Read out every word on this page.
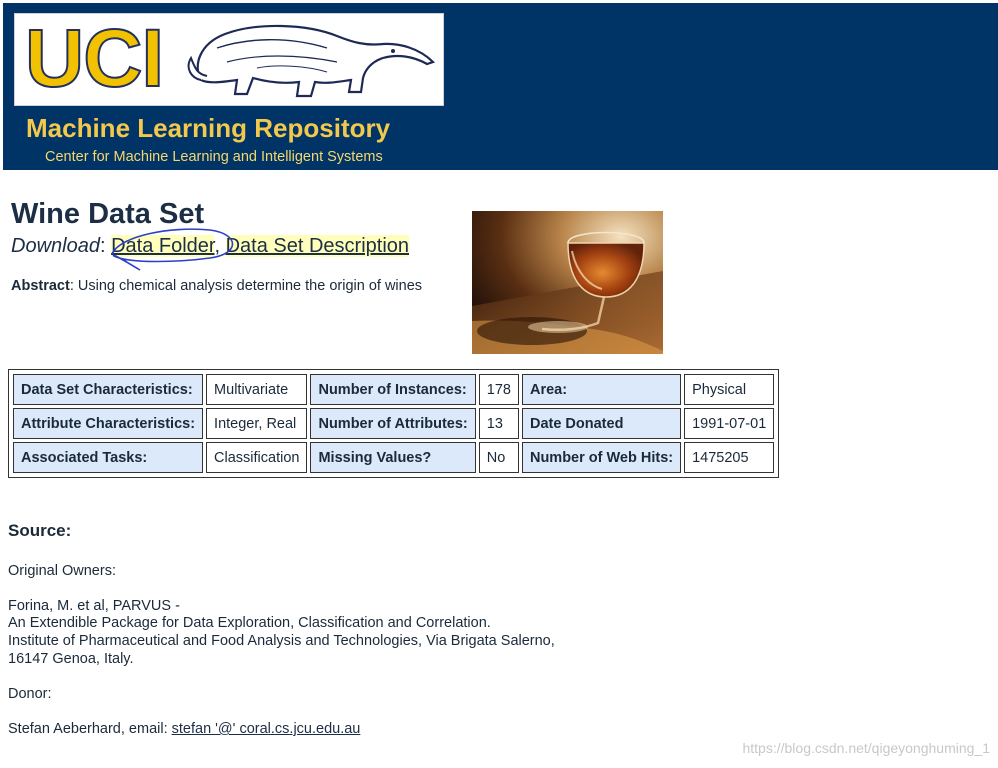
UCI
Machine Learning Repository
Center for Machine Learning and Intelligent Systems
Wine Data Set
Download: Data Folder, Data Set Description
Abstract: Using chemical analysis determine the origin of wines
Data Set Characteristics:	Multivariate	Number of Instances:	178	Area:	Physical
Attribute Characteristics:	Integer, Real	Number of Attributes:	13	Date Donated	1991-07-01
Associated Tasks:	Classification	Missing Values?	No	Number of Web Hits:	1475205
Source:
Original Owners:
Forina, M. et al, PARVUS -
An Extendible Package for Data Exploration, Classification and Correlation.
Institute of Pharmaceutical and Food Analysis and Technologies, Via Brigata Salerno,
16147 Genoa, Italy.
Donor:
Stefan Aeberhard, email: stefan '@' coral.cs.jcu.edu.au
https://blog.csdn.net/qigeyonghuming_1
